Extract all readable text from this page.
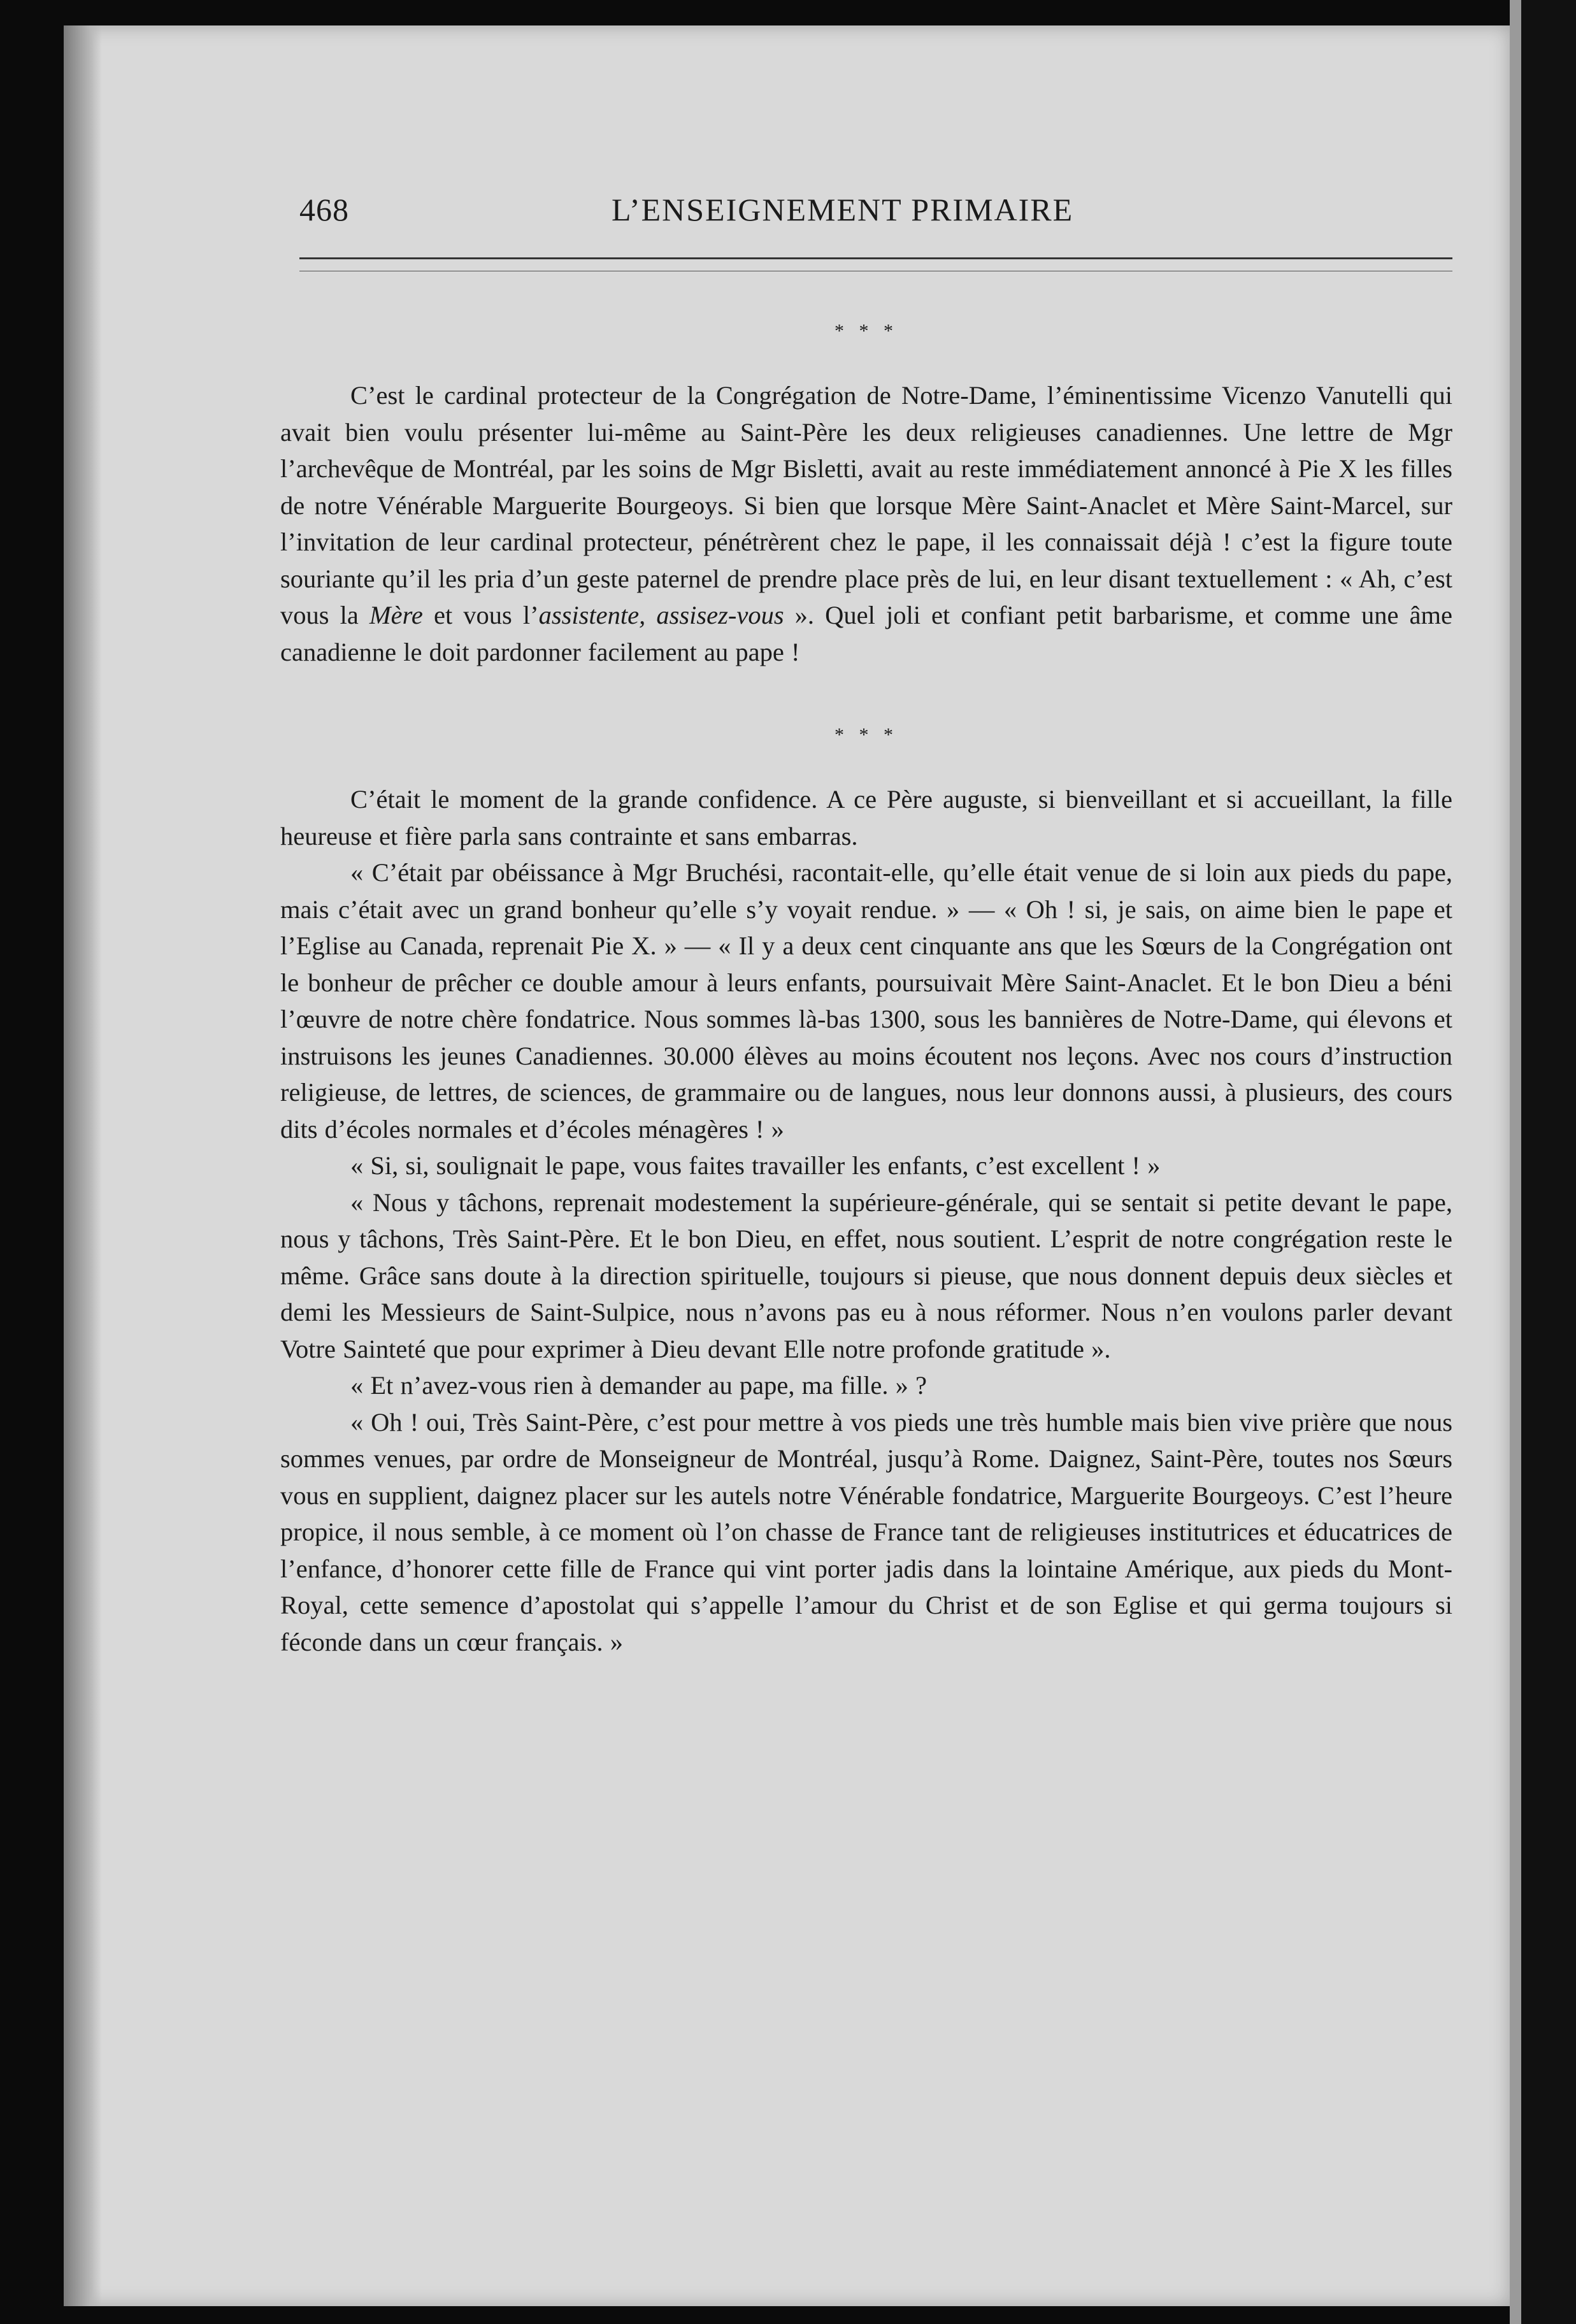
468	L’ENSEIGNEMENT PRIMAIRE
* * *

C’est le cardinal protecteur de la Congrégation de Notre-Dame, l’éminentissime Vicenzo Vanutelli qui avait bien voulu présenter lui-même au Saint-Père les deux religieuses canadiennes. Une lettre de Mgr l’archevêque de Montréal, par les soins de Mgr Bisletti, avait au reste immédiatement annoncé à Pie X les filles de notre Vénérable Marguerite Bourgeoys. Si bien que lorsque Mère Saint-Anaclet et Mère Saint-Marcel, sur l’invitation de leur cardinal protecteur, pénétrèrent chez le pape, il les connaissait déjà ! c’est la figure toute souriante qu’il les pria d’un geste paternel de prendre place près de lui, en leur disant textuellement : « Ah, c’est vous la Mère et vous l’assistente, assisez-vous ». Quel joli et confiant petit barbarisme, et comme une âme canadienne le doit pardonner facilement au pape !

* * *

C’était le moment de la grande confidence. A ce Père auguste, si bienveillant et si accueillant, la fille heureuse et fière parla sans contrainte et sans embarras.

« C’était par obéissance à Mgr Bruchési, racontait-elle, qu’elle était venue de si loin aux pieds du pape, mais c’était avec un grand bonheur qu’elle s’y voyait rendue. » — « Oh ! si, je sais, on aime bien le pape et l’Eglise au Canada, reprenait Pie X. » — « Il y a deux cent cinquante ans que les Sœurs de la Congrégation ont le bonheur de prêcher ce double amour à leurs enfants, poursuivait Mère Saint-Anaclet. Et le bon Dieu a béni l’œuvre de notre chère fondatrice. Nous sommes là-bas 1300, sous les bannières de Notre-Dame, qui élevons et instruisons les jeunes Canadiennes. 30.000 élèves au moins écoutent nos leçons. Avec nos cours d’instruction religieuse, de lettres, de sciences, de grammaire ou de langues, nous leur donnons aussi, à plusieurs, des cours dits d’écoles normales et d’écoles ménagères ! »

« Si, si, soulignait le pape, vous faites travailler les enfants, c’est excellent ! »

« Nous y tâchons, reprenait modestement la supérieure-générale, qui se sentait si petite devant le pape, nous y tâchons, Très Saint-Père. Et le bon Dieu, en effet, nous soutient. L’esprit de notre congrégation reste le même. Grâce sans doute à la direction spirituelle, toujours si pieuse, que nous donnent depuis deux siècles et demi les Messieurs de Saint-Sulpice, nous n’avons pas eu à nous réformer. Nous n’en voulons parler devant Votre Sainteté que pour exprimer à Dieu devant Elle notre profonde gratitude ».

« Et n’avez-vous rien à demander au pape, ma fille. » ?

« Oh ! oui, Très Saint-Père, c’est pour mettre à vos pieds une très humble mais bien vive prière que nous sommes venues, par ordre de Monseigneur de Montréal, jusqu’à Rome. Daignez, Saint-Père, toutes nos Sœurs vous en supplient, daignez placer sur les autels notre Vénérable fondatrice, Marguerite Bourgeoys. C’est l’heure propice, il nous semble, à ce moment où l’on chasse de France tant de religieuses institutrices et éducatrices de l’enfance, d’honorer cette fille de France qui vint porter jadis dans la lointaine Amérique, aux pieds du Mont-Royal, cette semence d’apostolat qui s’appelle l’amour du Christ et de son Eglise et qui germa toujours si féconde dans un cœur français. »
